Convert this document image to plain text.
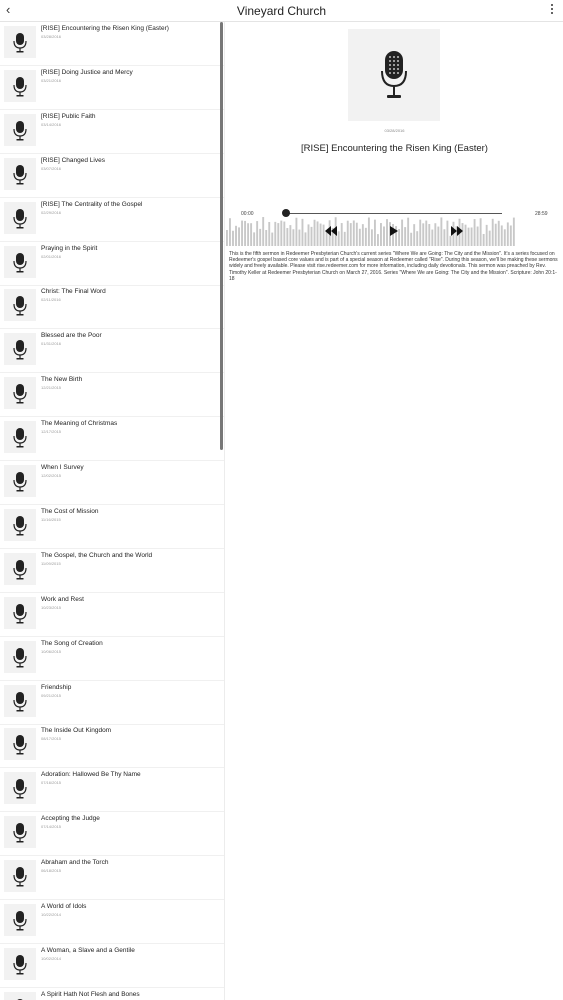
‹	Vineyard Church
[RISE] Encountering the Risen King (Easter)
03/28/2016
[RISE] Doing Justice and Mercy
03/21/2016
[RISE] Public Faith
03/14/2016
[RISE] Changed Lives
03/07/2016
[RISE] The Centrality of the Gospel
02/29/2016
Praying in the Spirit
02/01/2016
Christ: The Final Word
02/11/2016
Blessed are the Poor
01/31/2016
The New Birth
12/21/2015
The Meaning of Christmas
12/17/2015
When I Survey
12/02/2015
The Cost of Mission
11/16/2015
The Gospel, the Church and the World
11/09/2015
Work and Rest
10/23/2015
The Song of Creation
10/06/2015
Friendship
09/21/2015
The Inside Out Kingdom
08/17/2015
Adoration: Hallowed Be Thy Name
07/16/2015
Accepting the Judge
07/14/2015
Abraham and the Torch
06/18/2015
A World of Idols
10/22/2014
A Woman, a Slave and a Gentile
10/02/2014
A Spirit Hath Not Flesh and Bones
03/28/2016
[RISE] Encountering the Risen King (Easter)
00:00	28:59
This is the fifth sermon in Redeemer Presbyterian Church's current series "Where We are Going: The City and the Mission". It's a series focused on Redeemer's gospel based core values and is part of a special season at Redeemer called "Rise". During this season, we'll be making these sermons widely and freely available. Please visit rise.redeemer.com for more information, including daily devotionals. This sermon was preached by Rev. Timothy Keller at Redeemer Presbyterian Church on March 27, 2016. Series "Where We are Going: The City and the Mission". Scripture: John 20:1-18
